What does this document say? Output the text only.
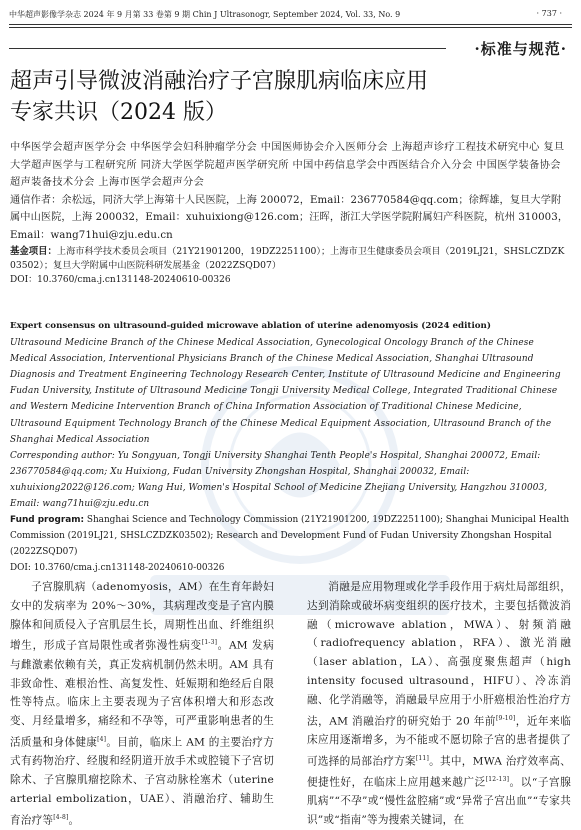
中华超声影像学杂志 2024 年 9 月第 33 卷第 9 期 Chin J Ultrasonogr, September 2024, Vol. 33, No. 9	· 737 ·
·标准与规范·
超声引导微波消融治疗子宫腺肌病临床应用
专家共识（2024 版）

中华医学会超声医学分会 中华医学会妇科肿瘤学分会 中国医师协会介入医师分会 上海超声诊疗工程技术研究中心 复旦大学超声医学与工程研究所 同济大学医学院超声医学研究所 中国中药信息学会中西医结合介入分会 中国医学装备协会超声装备技术分会 上海市医学会超声分会

通信作者：余松远，同济大学上海第十人民医院，上海 200072，Email：236770584@qq.com；徐辉雄，复旦大学附属中山医院，上海 200032，Email：xuhuixiong@126.com；汪晖，浙江大学医学院附属妇产科医院，杭州 310003，Email：wang71hui@zju.edu.cn

基金项目：上海市科学技术委员会项目（21Y21901200，19DZ2251100）；上海市卫生健康委员会项目（2019LJ21，SHSLCZDZK 03502）；复旦大学附属中山医院科研发展基金（2022ZSQD07）

DOI：10.3760/cma.j.cn131148-20240610-00326

Expert consensus on ultrasound-guided microwave ablation of uterine adenomyosis (2024 edition)

Ultrasound Medicine Branch of the Chinese Medical Association, Gynecological Oncology Branch of the Chinese Medical Association, Interventional Physicians Branch of the Chinese Medical Association, Shanghai Ultrasound Diagnosis and Treatment Engineering Technology Research Center, Institute of Ultrasound Medicine and Engineering Fudan University, Institute of Ultrasound Medicine Tongji University Medical College, Integrated Traditional Chinese and Western Medicine Intervention Branch of China Information Association of Traditional Chinese Medicine, Ultrasound Equipment Technology Branch of the Chinese Medical Equipment Association, Ultrasound Branch of the Shanghai Medical Association

Corresponding author: Yu Songyuan, Tongji University Shanghai Tenth People's Hospital, Shanghai 200072, Email: 236770584@qq.com; Xu Huixiong, Fudan University Zhongshan Hospital, Shanghai 200032, Email: xuhuixiong2022@126.com; Wang Hui, Women's Hospital School of Medicine Zhejiang University, Hangzhou 310003, Email: wang71hui@zju.edu.cn

Fund program: Shanghai Science and Technology Commission (21Y21901200, 19DZ2251100); Shanghai Municipal Health Commission (2019LJ21, SHSLCZDZK03502); Research and Development Fund of Fudan University Zhongshan Hospital (2022ZSQD07)

DOI: 10.3760/cma.j.cn131148-20240610-00326

子宫腺肌病（adenomyosis，AM）在生育年龄妇女中的发病率为 20%～30%，其病理改变是子宫内膜腺体和间质侵入子宫肌层生长，周期性出血、纤维组织增生，形成子宫局限性或者弥漫性病变[1-3]。AM 发病与雌激素依赖有关，真正发病机制仍然未明。AM 具有非致命性、难根治性、高复发性、妊娠期和绝经后自限性等特点。临床上主要表现为子宫体积增大和形态改变、月经量增多，痛经和不孕等，可严重影响患者的生活质量和身体健康[4]。目前，临床上 AM 的主要治疗方式有药物治疗、经腹和经阴道开放手术或腔镜下子宫切除术、子宫腺肌瘤挖除术、子宫动脉栓塞术（uterine arterial embolization，UAE）、消融治疗、辅助生育治疗等[4-8]。

消融是应用物理或化学手段作用于病灶局部组织，达到消除或破坏病变组织的医疗技术，主要包括微波消融（microwave ablation，MWA）、射频消融（radiofrequency ablation，RFA）、激光消融（laser ablation，LA）、高强度聚焦超声（high intensity focused ultrasound，HIFU）、冷冻消融、化学消融等，消融最早应用于小肝癌根治性治疗方法，AM 消融治疗的研究始于 20 年前[9-10]，近年来临床应用逐渐增多，为不能或不愿切除子宫的患者提供了可选择的局部治疗方案[11]。其中，MWA 治疗效率高、便捷性好，在临床上应用越来越广泛[12-13]。以“子宫腺肌病”“不孕”或“慢性盆腔痛”或“异常子宫出血”“专家共识”或“指南”等为搜索关键词，在
